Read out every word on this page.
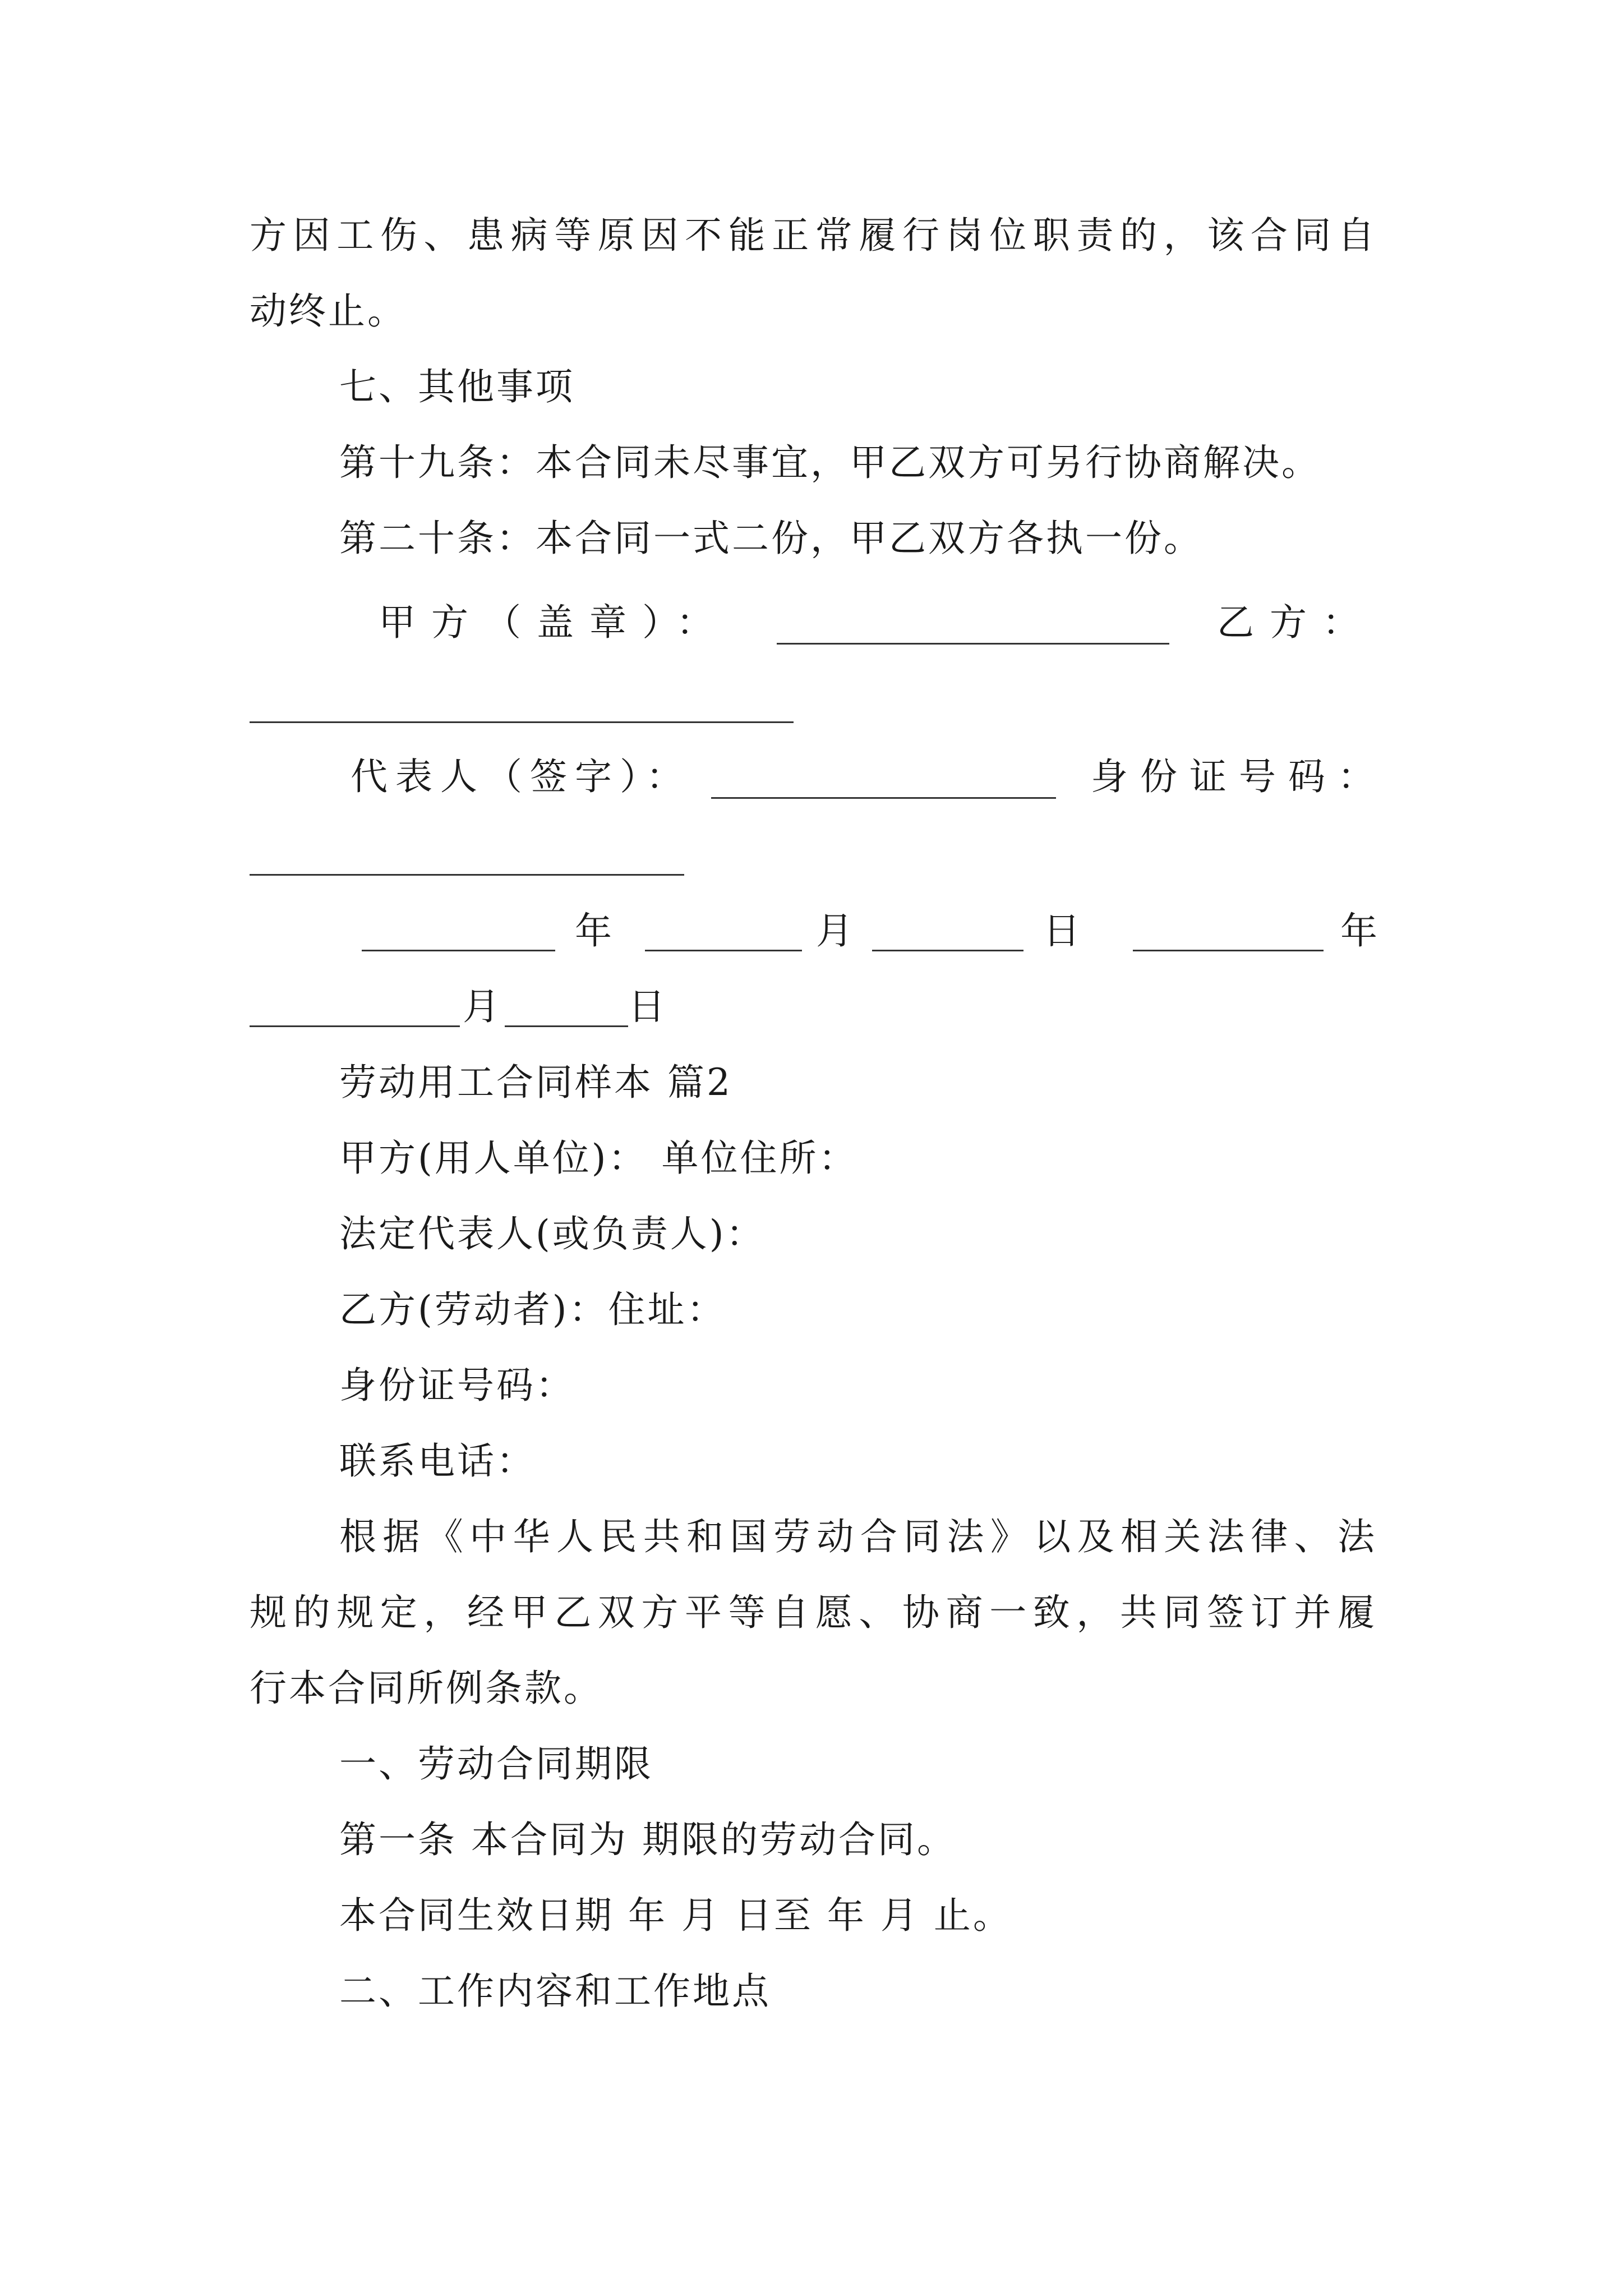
方因工伤、患病等原因不能正常履行岗位职责的，该合同自
动终止。
七、其他事项
第十九条：本合同未尽事宜，甲乙双方可另行协商解决。
第二十条：本合同一式二份，甲乙双方各执一份。
甲方（盖章）：	乙方：
代表人（签字）：	身份证号码：
年	月	日	年
月	日
劳动用工合同样本 篇2
甲方(用人单位)： 单位住所：
法定代表人(或负责人)：
乙方(劳动者)：住址：
身份证号码：
联系电话：
根据《中华人民共和国劳动合同法》以及相关法律、法
规的规定，经甲乙双方平等自愿、协商一致，共同签订并履
行本合同所例条款。
一、劳动合同期限
第一条 本合同为 期限的劳动合同。
本合同生效日期 年 月 日至 年 月 止。
二、工作内容和工作地点
